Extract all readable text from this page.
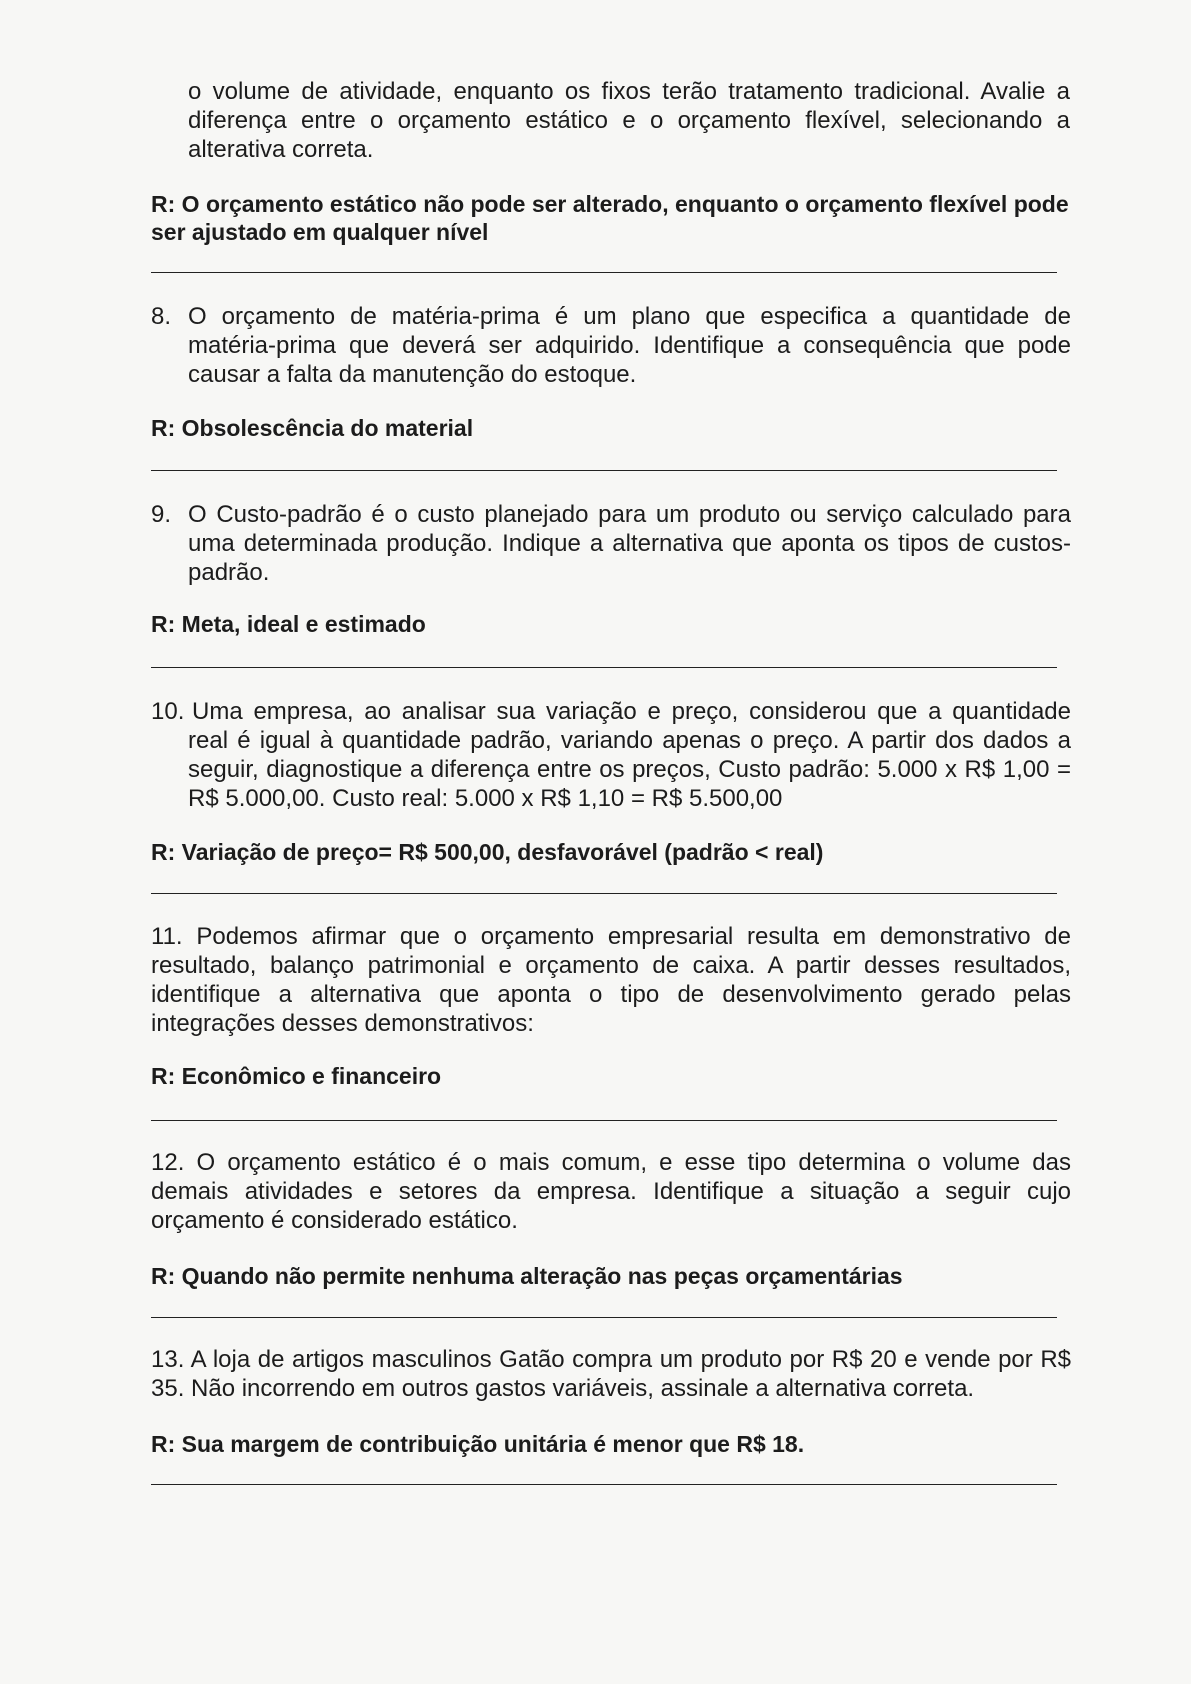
o volume de atividade, enquanto os fixos terão tratamento tradicional. Avalie a diferença entre o orçamento estático e o orçamento flexível, selecionando a alterativa correta.

R: O orçamento estático não pode ser alterado, enquanto o orçamento flexível pode ser ajustado em qualquer nível

8. O orçamento de matéria-prima é um plano que especifica a quantidade de matéria-prima que deverá ser adquirido. Identifique a consequência que pode causar a falta da manutenção do estoque.

R: Obsolescência do material

9. O Custo-padrão é o custo planejado para um produto ou serviço calculado para uma determinada produção. Indique a alternativa que aponta os tipos de custos-padrão.

R: Meta, ideal e estimado

10. Uma empresa, ao analisar sua variação e preço, considerou que a quantidade real é igual à quantidade padrão, variando apenas o preço. A partir dos dados a seguir, diagnostique a diferença entre os preços, Custo padrão: 5.000 x R$ 1,00 = R$ 5.000,00. Custo real: 5.000 x R$ 1,10 = R$ 5.500,00

R: Variação de preço= R$ 500,00, desfavorável (padrão < real)

11. Podemos afirmar que o orçamento empresarial resulta em demonstrativo de resultado, balanço patrimonial e orçamento de caixa. A partir desses resultados, identifique a alternativa que aponta o tipo de desenvolvimento gerado pelas integrações desses demonstrativos:

R: Econômico e financeiro

12. O orçamento estático é o mais comum, e esse tipo determina o volume das demais atividades e setores da empresa. Identifique a situação a seguir cujo orçamento é considerado estático.

R: Quando não permite nenhuma alteração nas peças orçamentárias

13. A loja de artigos masculinos Gatão compra um produto por R$ 20 e vende por R$ 35. Não incorrendo em outros gastos variáveis, assinale a alternativa correta.

R: Sua margem de contribuição unitária é menor que R$ 18.
